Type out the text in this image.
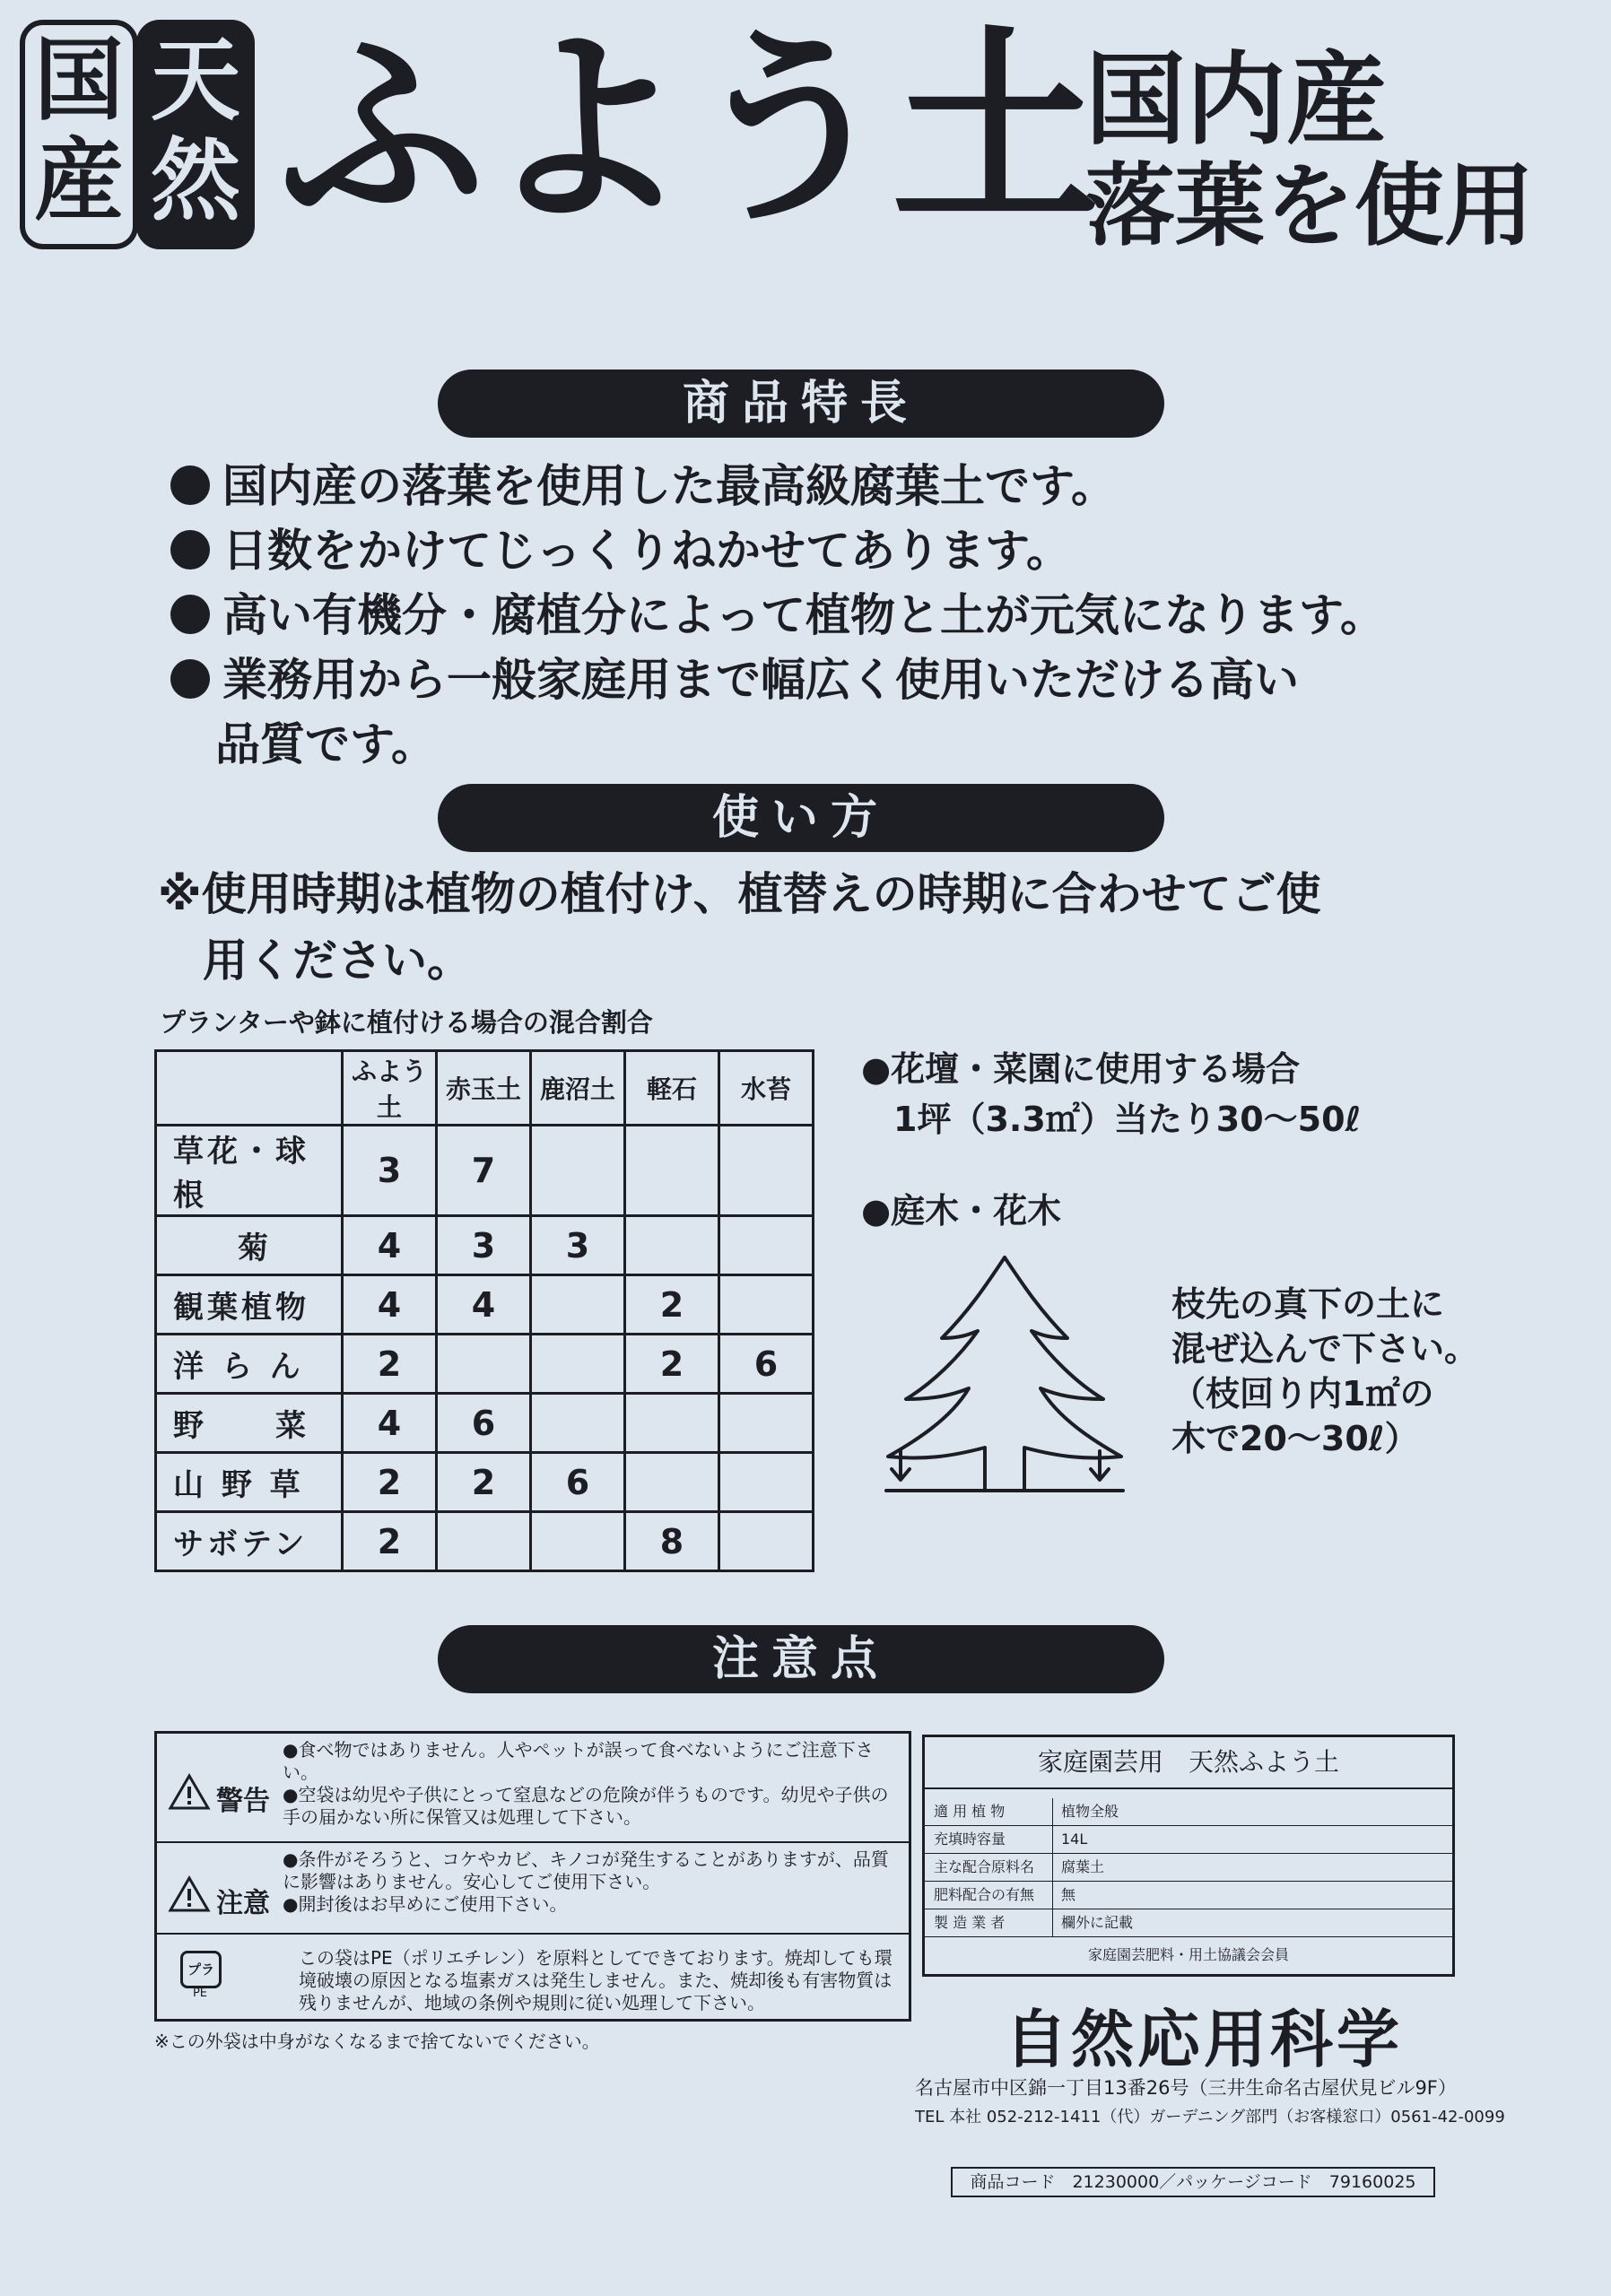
国
産
天
然 ふよう土
国内産
落葉を使用
商品特長
国内産の落葉を使用した最高級腐葉土です。
日数をかけてじっくりねかせてあります。
高い有機分・腐植分によって植物と土が元気になります。
業務用から一般家庭用まで幅広く使用いただける高い
品質です。
使い方
※使用時期は植物の植付け、植替えの時期に合わせてご使
用ください。
プランターや鉢に植付ける場合の混合割合
	ふよう土	赤玉土	鹿沼土	軽石	水苔
草花・球根	3	7			
菊	4	3	3		
観葉植物	4	4		2	
洋 ら ん	2			2	6
野　　菜	4	6			
山 野 草	2	2	6		
サボテン	2			8	
●花壇・菜園に使用する場合
1坪（3.3㎡）当たり30〜50ℓ
●庭木・花木
枝先の真下の土に
混ぜ込んで下さい。
（枝回り内1㎡の
木で20〜30ℓ）
注意点
警告
●食べ物ではありません。人やペットが誤って食べないようにご注意下さい。
●空袋は幼児や子供にとって窒息などの危険が伴うものです。幼児や子供の手の届かない所に保管又は処理して下さい。
注意
●条件がそろうと、コケやカビ、キノコが発生することがありますが、品質に影響はありません。安心してご使用下さい。
●開封後はお早めにご使用下さい。
プラ
PE
この袋はPE（ポリエチレン）を原料としてできております。焼却しても環境破壊の原因となる塩素ガスは発生しません。また、焼却後も有害物質は残りませんが、地域の条例や規則に従い処理して下さい。
※この外袋は中身がなくなるまで捨てないでください。
家庭園芸用　天然ふよう土
適 用 植 物	植物全般
充填時容量	14L
主な配合原料名	腐葉土
肥料配合の有無	無
製 造 業 者	欄外に記載
家庭園芸肥料・用土協議会会員
自然応用科学
名古屋市中区錦一丁目13番26号（三井生命名古屋伏見ビル9F）
TEL 本社 052-212-1411（代）ガーデニング部門（お客様窓口）0561-42-0099
商品コード　21230000／パッケージコード　79160025
